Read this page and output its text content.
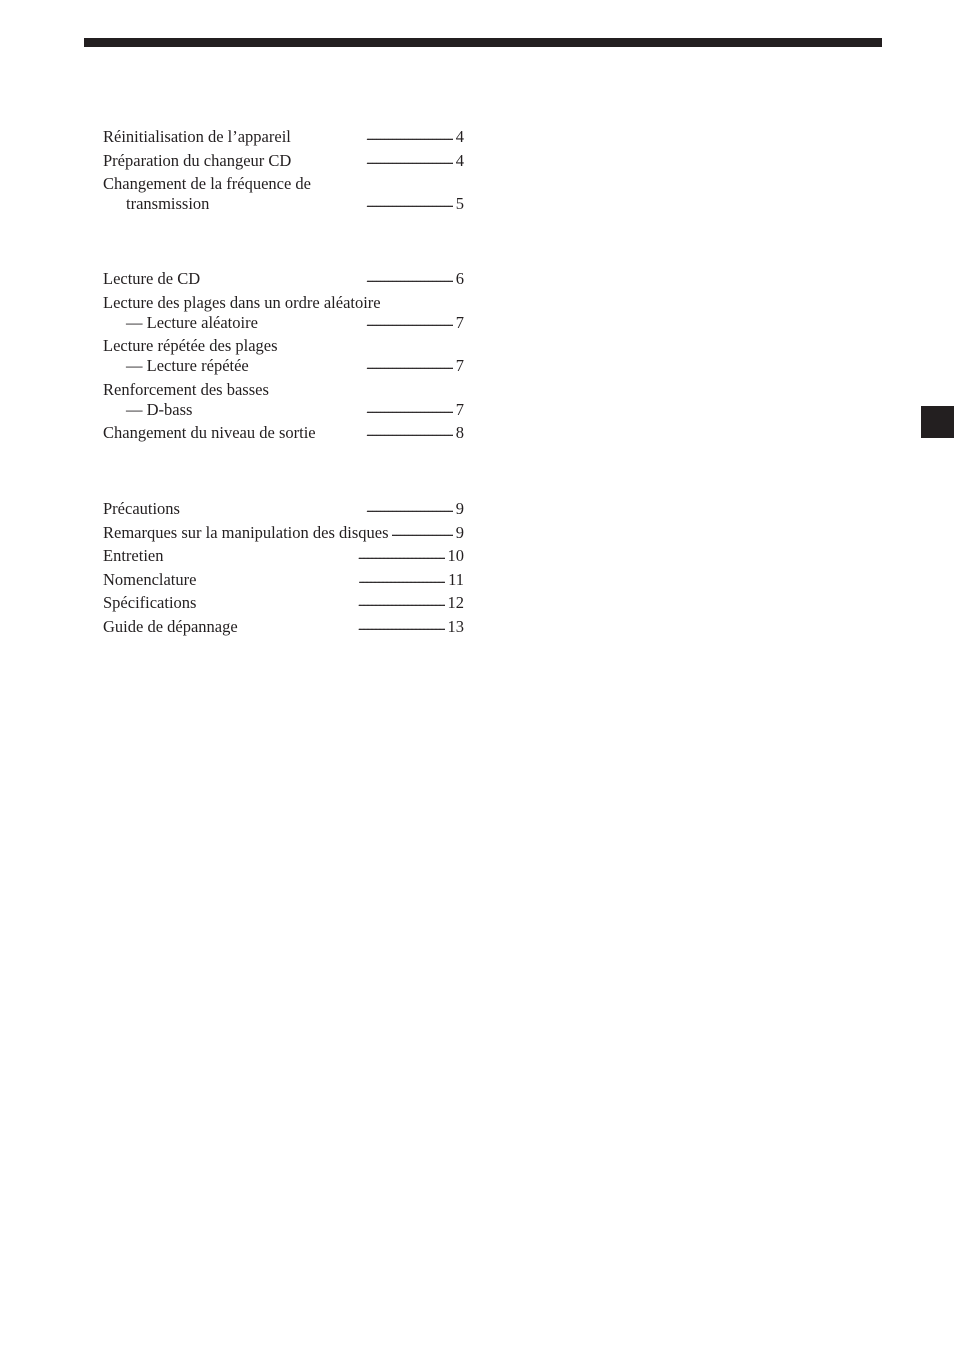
Réinitialisation de l’appareil . . .	4
Préparation du changeur CD . . .	4
Changement de la fréquence de
transmission . . .	5
Lecture de CD . . .	6
Lecture des plages dans un ordre aléatoire
— Lecture aléatoire . . .	7
Lecture répétée des plages
— Lecture répétée . . .	7
Renforcement des basses
— D-bass . . .	7
Changement du niveau de sortie . . .	8
Précautions . . .	9
Remarques sur la manipulation des disques . . .	9
Entretien . . .	10
Nomenclature . . .	11
Spécifications . . .	12
Guide de dépannage . . .	13
